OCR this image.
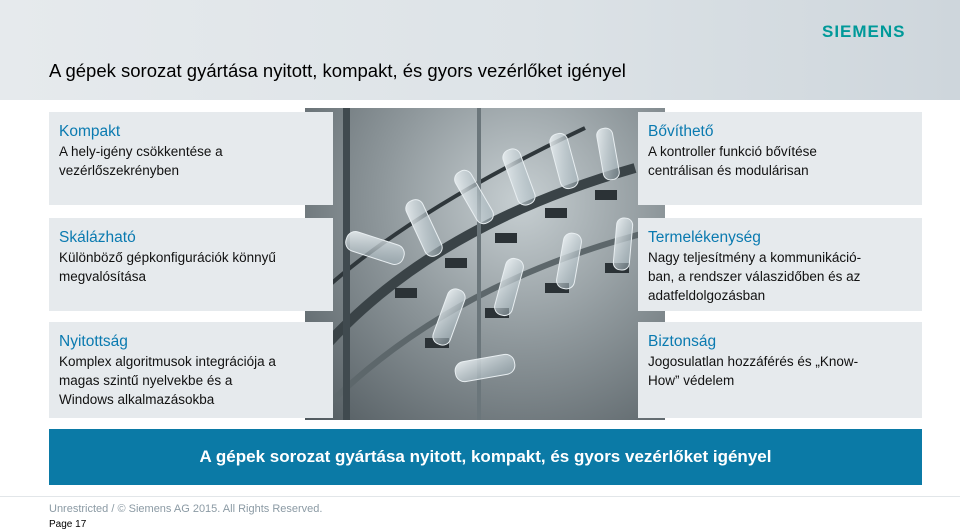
SIEMENS
A gépek sorozat gyártása nyitott, kompakt, és gyors vezérlőket igényel
Kompakt
A hely-igény csökkentése a
vezérlőszekrényben
Skálázható
Különböző gépkonfigurációk könnyű
megvalósítása
Nyitottság
Komplex algoritmusok integrációja a
magas szintű nyelvekbe és a
Windows alkalmazásokba
Bővíthető
A kontroller funkció bővítése
centrálisan és modulárisan
Termelékenység
Nagy teljesítmény a kommunikáció-
ban, a rendszer válaszidőben és az
adatfeldolgozásban
Biztonság
Jogosulatlan hozzáférés és „Know-
How” védelem
A gépek sorozat gyártása nyitott, kompakt, és gyors vezérlőket igényel
Unrestricted / © Siemens AG 2015. All Rights Reserved.
Page 17
